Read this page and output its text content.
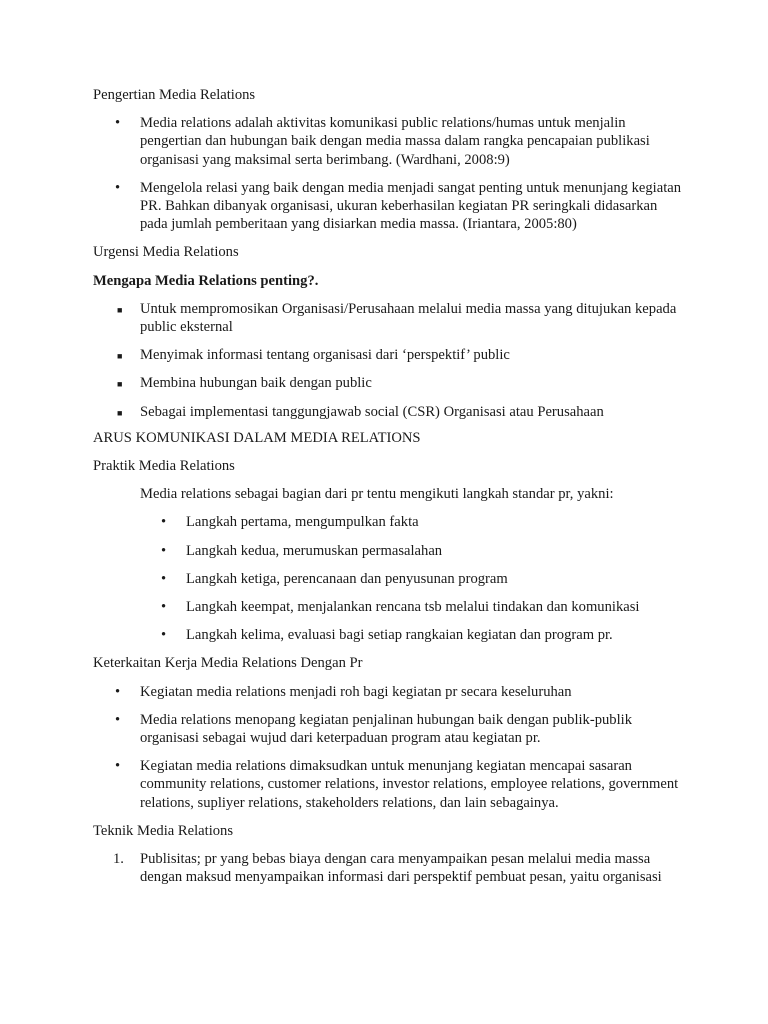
Pengertian Media Relations
•	Media relations adalah aktivitas komunikasi public relations/humas untuk menjalin pengertian dan hubungan baik dengan media massa dalam rangka pencapaian publikasi organisasi yang maksimal serta berimbang. (Wardhani, 2008:9)
•	Mengelola relasi yang baik dengan media menjadi sangat penting untuk menunjang kegiatan PR. Bahkan dibanyak organisasi, ukuran keberhasilan kegiatan PR seringkali didasarkan pada jumlah pemberitaan yang disiarkan media massa. (Iriantara, 2005:80)
Urgensi Media Relations
Mengapa Media Relations penting?.
■	Untuk mempromosikan Organisasi/Perusahaan melalui media massa yang ditujukan kepada public eksternal
■	Menyimak informasi tentang organisasi dari ‘perspektif’ public
■	Membina hubungan baik dengan public
■	Sebagai implementasi tanggungjawab social (CSR) Organisasi atau Perusahaan
ARUS KOMUNIKASI DALAM MEDIA RELATIONS
Praktik Media Relations
Media relations sebagai bagian dari pr tentu mengikuti langkah standar pr, yakni:
•	Langkah pertama, mengumpulkan fakta
•	Langkah kedua, merumuskan permasalahan
•	Langkah ketiga, perencanaan dan penyusunan program
•	Langkah keempat, menjalankan rencana tsb melalui tindakan dan komunikasi
•	Langkah kelima, evaluasi bagi setiap rangkaian kegiatan dan program pr.
Keterkaitan Kerja Media Relations Dengan Pr
•	Kegiatan media relations menjadi roh bagi kegiatan pr secara keseluruhan
•	Media relations menopang kegiatan penjalinan hubungan baik dengan publik-publik organisasi sebagai wujud dari keterpaduan program atau kegiatan pr.
•	Kegiatan media relations dimaksudkan untuk menunjang kegiatan mencapai sasaran community relations, customer relations, investor relations, employee relations, government relations, supliyer relations, stakeholders relations, dan lain sebagainya.
Teknik Media Relations
1.	Publisitas; pr yang bebas biaya dengan cara menyampaikan pesan melalui media massa dengan maksud menyampaikan informasi dari perspektif pembuat pesan, yaitu organisasi
